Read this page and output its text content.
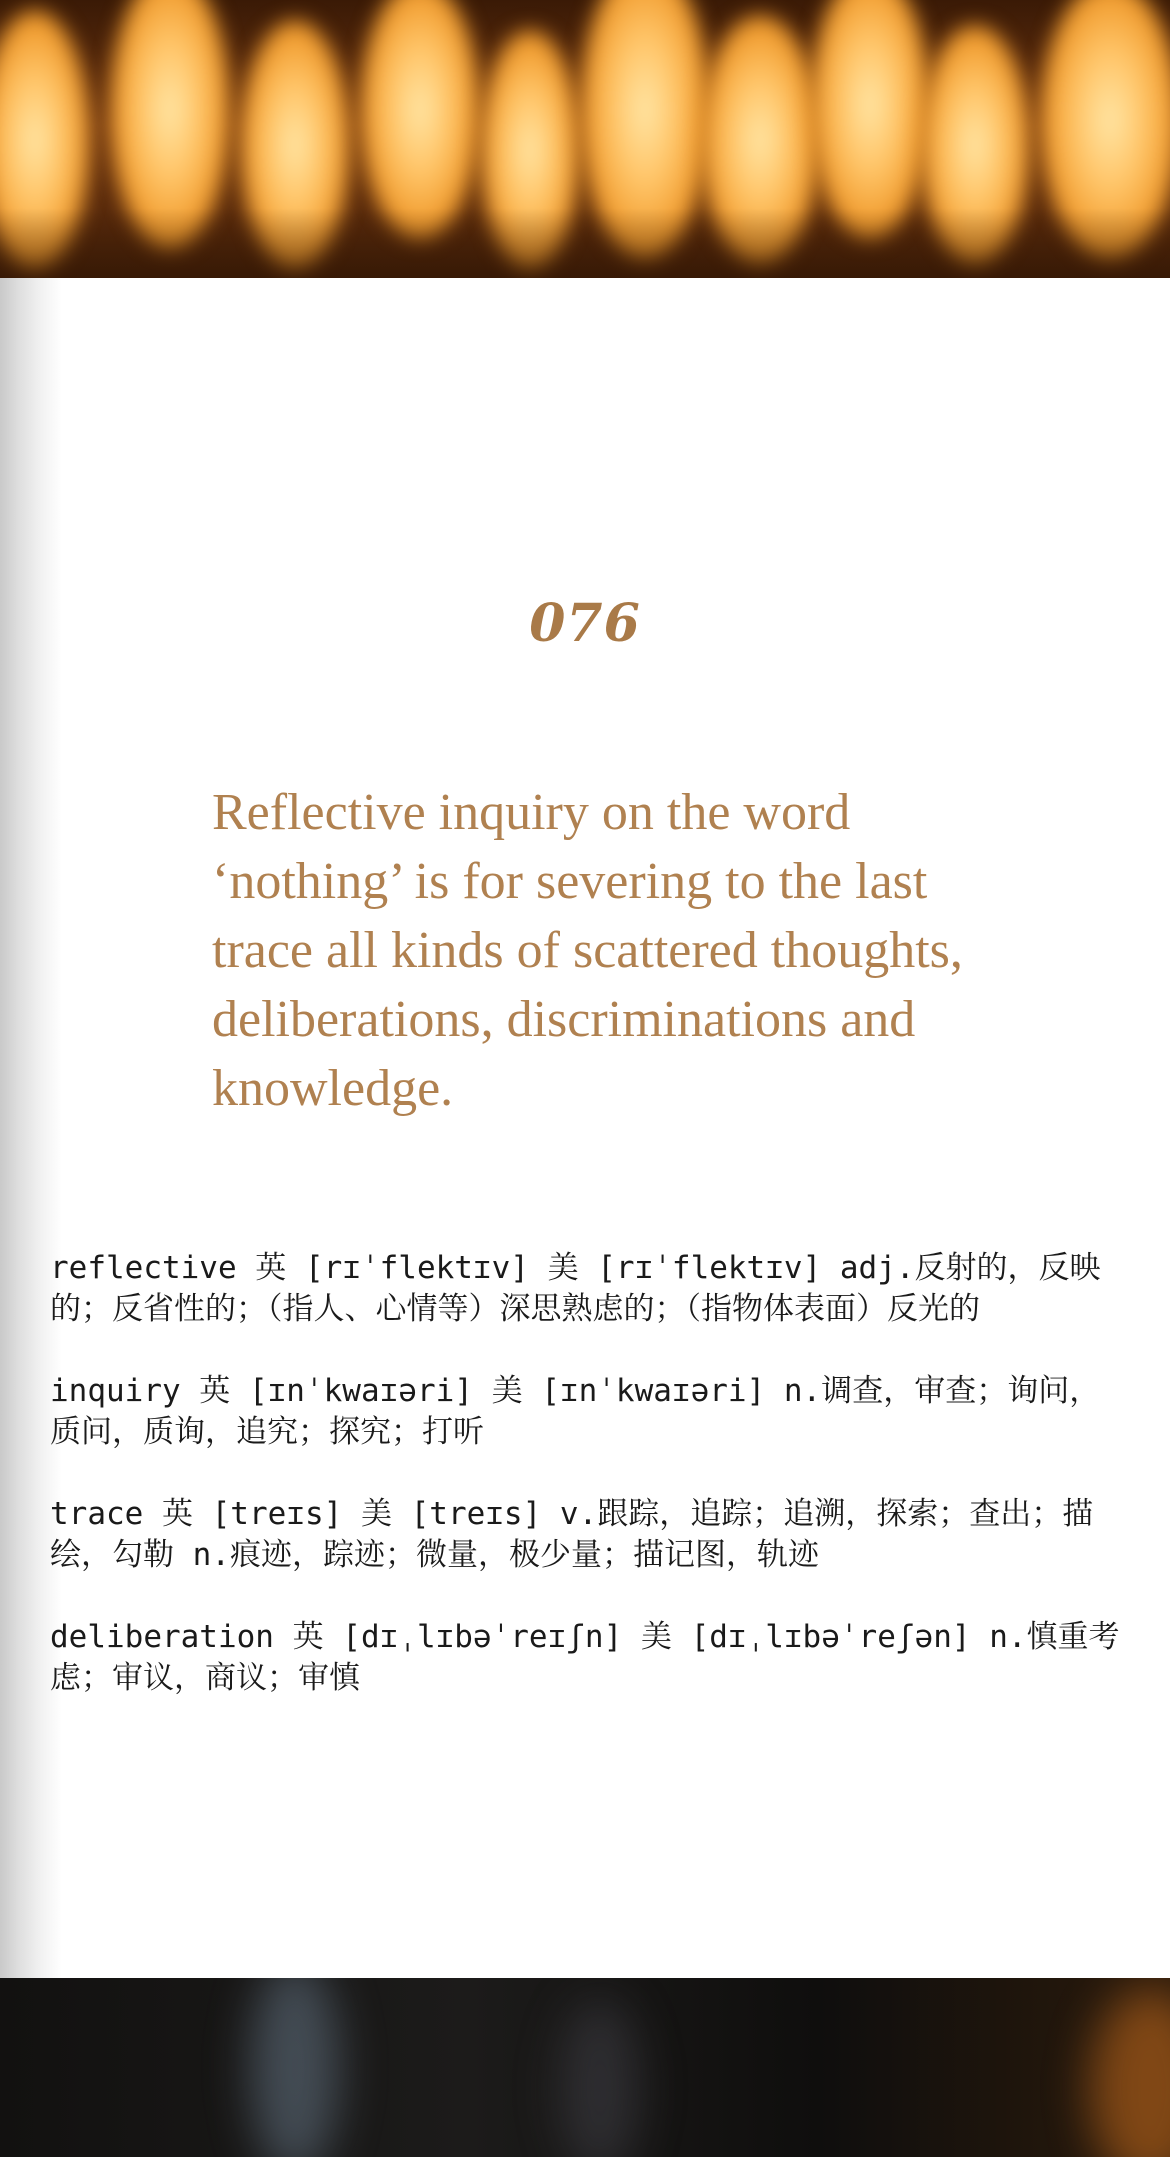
076

Reflective inquiry on the word ‘nothing’ is for severing to the last trace all kinds of scattered thoughts, deliberations, discriminations and knowledge.

reflective 英 [rɪˈflektɪv] 美 [rɪˈflektɪv] adj.反射的，反映的；反省性的；（指人、心情等）深思熟虑的；（指物体表面）反光的

inquiry 英 [ɪnˈkwaɪəri] 美 [ɪnˈkwaɪəri] n.调查，审查；询问，质问，质询，追究；探究；打听

trace 英 [treɪs] 美 [treɪs] v.跟踪，追踪；追溯，探索；查出；描绘，勾勒 n.痕迹，踪迹；微量，极少量；描记图，轨迹

deliberation 英 [dɪˌlɪbəˈreɪʃn] 美 [dɪˌlɪbəˈreʃən] n.慎重考虑；审议，商议；审慎
